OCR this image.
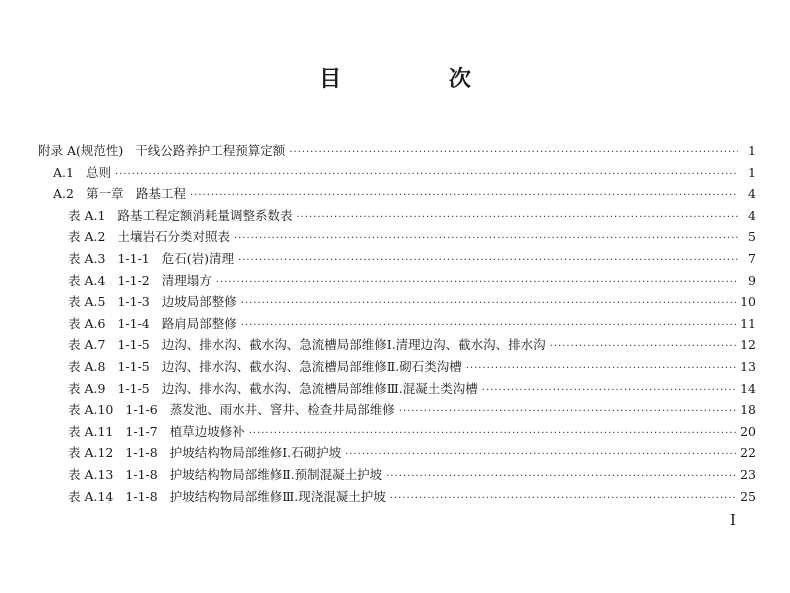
目 次
附录 A(规范性) 干线公路养护工程预算定额 ·····	1
A.1 总则 ·····	1
A.2 第一章　路基工程 ·····	4
表 A.1 路基工程定额消耗量调整系数表 ·····	4
表 A.2 土壤岩石分类对照表 ·····	5
表 A.3 1-1-1 危石(岩)清理 ·····	7
表 A.4 1-1-2 清理塌方 ·····	9
表 A.5 1-1-3 边坡局部整修 ·····	10
表 A.6 1-1-4 路肩局部整修 ·····	11
表 A.7 1-1-5 边沟、排水沟、截水沟、急流槽局部维修Ⅰ.清理边沟、截水沟、排水沟 ·····	12
表 A.8 1-1-5 边沟、排水沟、截水沟、急流槽局部维修Ⅱ.砌石类沟槽 ·····	13
表 A.9 1-1-5 边沟、排水沟、截水沟、急流槽局部维修Ⅲ.混凝土类沟槽 ·····	14
表 A.10 1-1-6 蒸发池、雨水井、窨井、检查井局部维修 ·····	18
表 A.11 1-1-7 植草边坡修补 ·····	20
表 A.12 1-1-8 护坡结构物局部维修Ⅰ.石砌护坡 ·····	22
表 A.13 1-1-8 护坡结构物局部维修Ⅱ.预制混凝土护坡 ·····	23
表 A.14 1-1-8 护坡结构物局部维修Ⅲ.现浇混凝土护坡 ·····	25
I
